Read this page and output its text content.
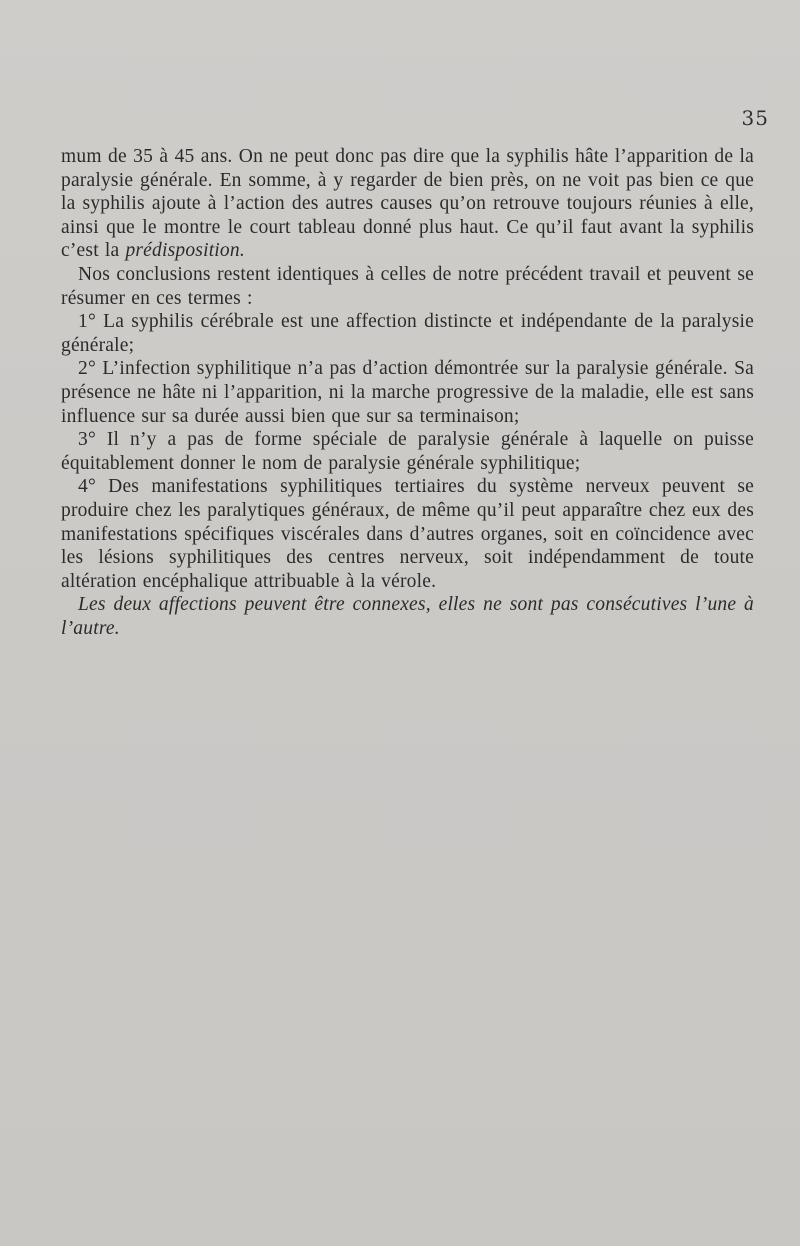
35

mum de 35 à 45 ans. On ne peut donc pas dire que la syphilis hâte l’apparition de la paralysie générale. En somme, à y regarder de bien près, on ne voit pas bien ce que la syphilis ajoute à l’action des autres causes qu’on retrouve toujours réunies à elle, ainsi que le montre le court tableau donné plus haut. Ce qu’il faut avant la syphilis c’est la prédisposition.

Nos conclusions restent identiques à celles de notre précédent travail et peuvent se résumer en ces termes :

1° La syphilis cérébrale est une affection distincte et indépendante de la paralysie générale;

2° L’infection syphilitique n’a pas d’action démontrée sur la paralysie générale. Sa présence ne hâte ni l’apparition, ni la marche progressive de la maladie, elle est sans influence sur sa durée aussi bien que sur sa terminaison;

3° Il n’y a pas de forme spéciale de paralysie générale à laquelle on puisse équitablement donner le nom de paralysie générale syphilitique;

4° Des manifestations syphilitiques tertiaires du système nerveux peuvent se produire chez les paralytiques généraux, de même qu’il peut apparaître chez eux des manifestations spécifiques viscérales dans d’autres organes, soit en coïncidence avec les lésions syphilitiques des centres nerveux, soit indépendamment de toute altération encéphalique attribuable à la vérole.

Les deux affections peuvent être connexes, elles ne sont pas consécutives l’une à l’autre.
